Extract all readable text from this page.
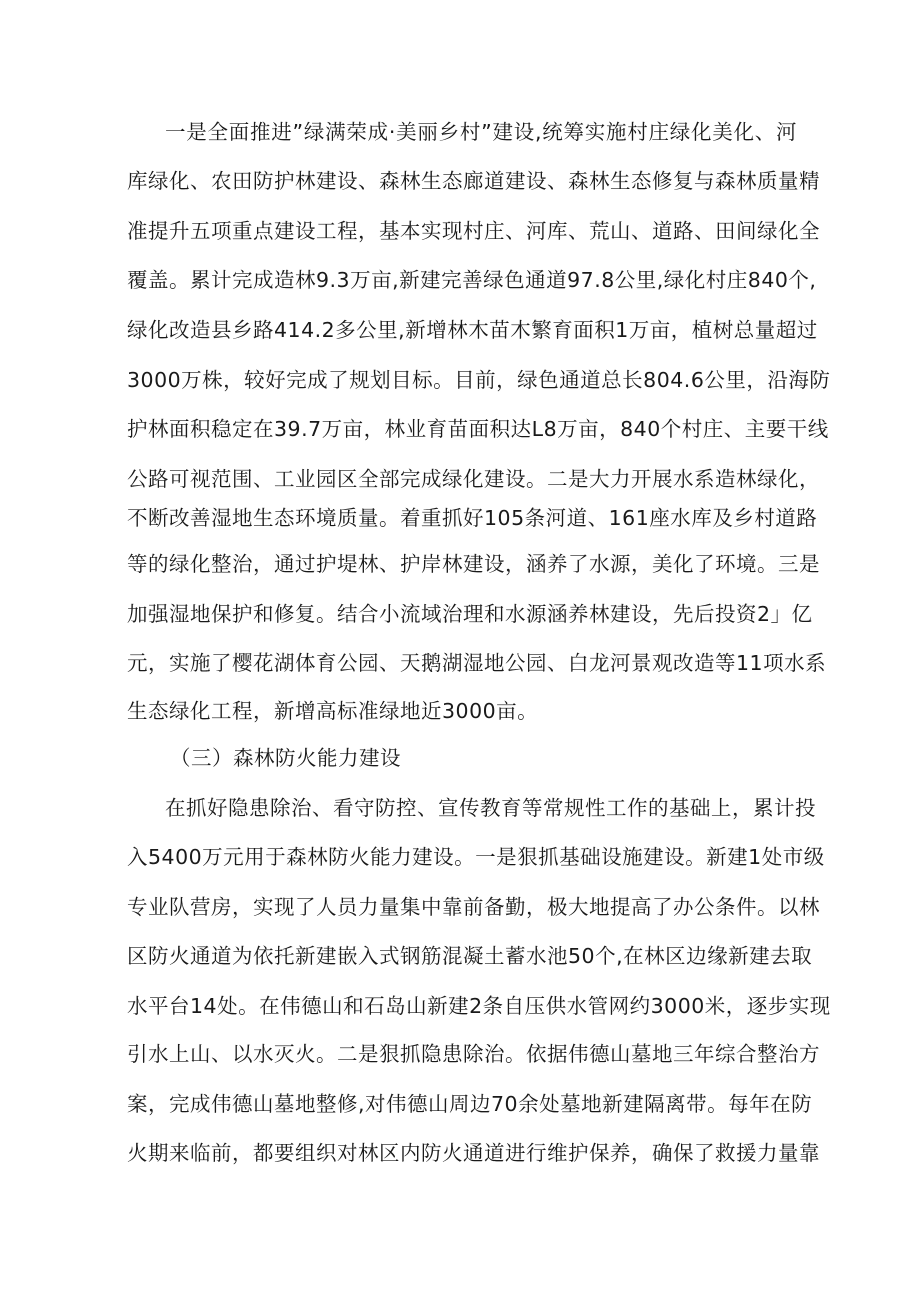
一是全面推进”绿满荣成·美丽乡村”建设,统筹实施村庄绿化美化、河
库绿化、农田防护林建设、森林生态廊道建设、森林生态修复与森林质量精
准提升五项重点建设工程，基本实现村庄、河库、荒山、道路、田间绿化全
覆盖。累计完成造林9.3万亩,新建完善绿色通道97.8公里,绿化村庄840个,
绿化改造县乡路414.2多公里,新增林木苗木繁育面积1万亩，植树总量超过
3000万株，较好完成了规划目标。目前，绿色通道总长804.6公里，沿海防
护林面积稳定在39.7万亩，林业育苗面积达L8万亩，840个村庄、主要干线
公路可视范围、工业园区全部完成绿化建设。二是大力开展水系造林绿化，
不断改善湿地生态环境质量。着重抓好105条河道、161座水库及乡村道路
等的绿化整治，通过护堤林、护岸林建设，涵养了水源，美化了环境。三是
加强湿地保护和修复。结合小流域治理和水源涵养林建设，先后投资2」亿
元，实施了樱花湖体育公园、天鹅湖湿地公园、白龙河景观改造等11项水系
生态绿化工程，新增高标准绿地近3000亩。
（三）森林防火能力建设
在抓好隐患除治、看守防控、宣传教育等常规性工作的基础上，累计投
入5400万元用于森林防火能力建设。一是狠抓基础设施建设。新建1处市级
专业队营房，实现了人员力量集中靠前备勤，极大地提高了办公条件。以林
区防火通道为依托新建嵌入式钢筋混凝土蓄水池50个,在林区边缘新建去取
水平台14处。在伟德山和石岛山新建2条自压供水管网约3000米，逐步实现
引水上山、以水灭火。二是狠抓隐患除治。依据伟德山墓地三年综合整治方
案，完成伟德山墓地整修,对伟德山周边70余处墓地新建隔离带。每年在防
火期来临前，都要组织对林区内防火通道进行维护保养，确保了救援力量靠
